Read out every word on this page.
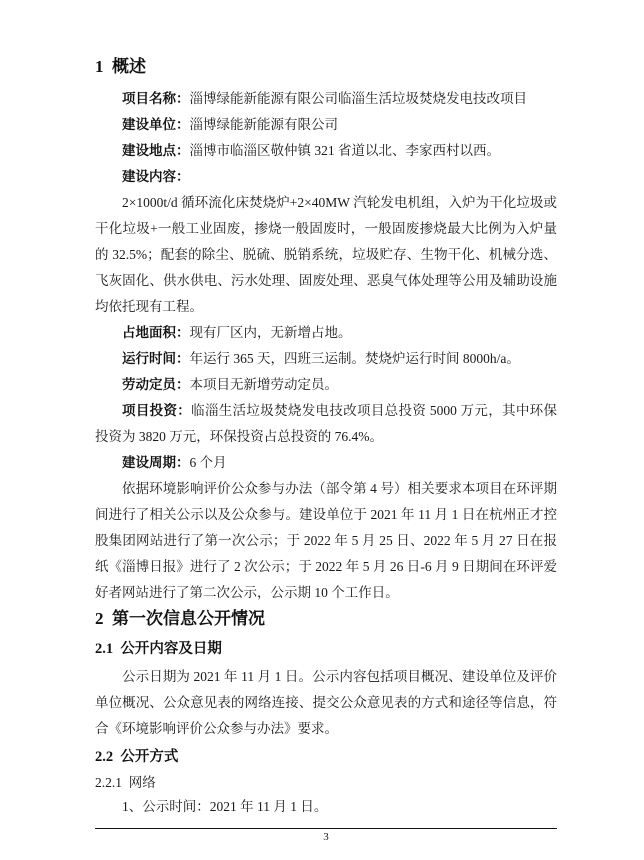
1  概述

项目名称：淄博绿能新能源有限公司临淄生活垃圾焚烧发电技改项目

建设单位：淄博绿能新能源有限公司

建设地点：淄博市临淄区敬仲镇 321 省道以北、李家西村以西。

建设内容：

2×1000t/d 循环流化床焚烧炉+2×40MW 汽轮发电机组，入炉为干化垃圾或干化垃圾+一般工业固废，掺烧一般固废时，一般固废掺烧最大比例为入炉量的 32.5%；配套的除尘、脱硫、脱销系统，垃圾贮存、生物干化、机械分选、飞灰固化、供水供电、污水处理、固废处理、恶臭气体处理等公用及辅助设施均依托现有工程。

占地面积：现有厂区内，无新增占地。

运行时间：年运行 365 天，四班三运制。焚烧炉运行时间 8000h/a。

劳动定员：本项目无新增劳动定员。

项目投资：临淄生活垃圾焚烧发电技改项目总投资 5000 万元，其中环保投资为 3820 万元，环保投资占总投资的 76.4%。

建设周期：6 个月

依据环境影响评价公众参与办法（部令第 4 号）相关要求本项目在环评期间进行了相关公示以及公众参与。建设单位于 2021 年 11 月 1 日在杭州正才控股集团网站进行了第一次公示；于 2022 年 5 月 25 日、2022 年 5 月 27 日在报纸《淄博日报》进行了 2 次公示；于 2022 年 5 月 26 日-6 月 9 日期间在环评爱好者网站进行了第二次公示，公示期 10 个工作日。

2  第一次信息公开情况
2.1  公开内容及日期

公示日期为 2021 年 11 月 1 日。公示内容包括项目概况、建设单位及评价单位概况、公众意见表的网络连接、提交公众意见表的方式和途径等信息，符合《环境影响评价公众参与办法》要求。

2.2  公开方式
2.2.1  网络

1、公示时间：2021 年 11 月 1 日。

3
